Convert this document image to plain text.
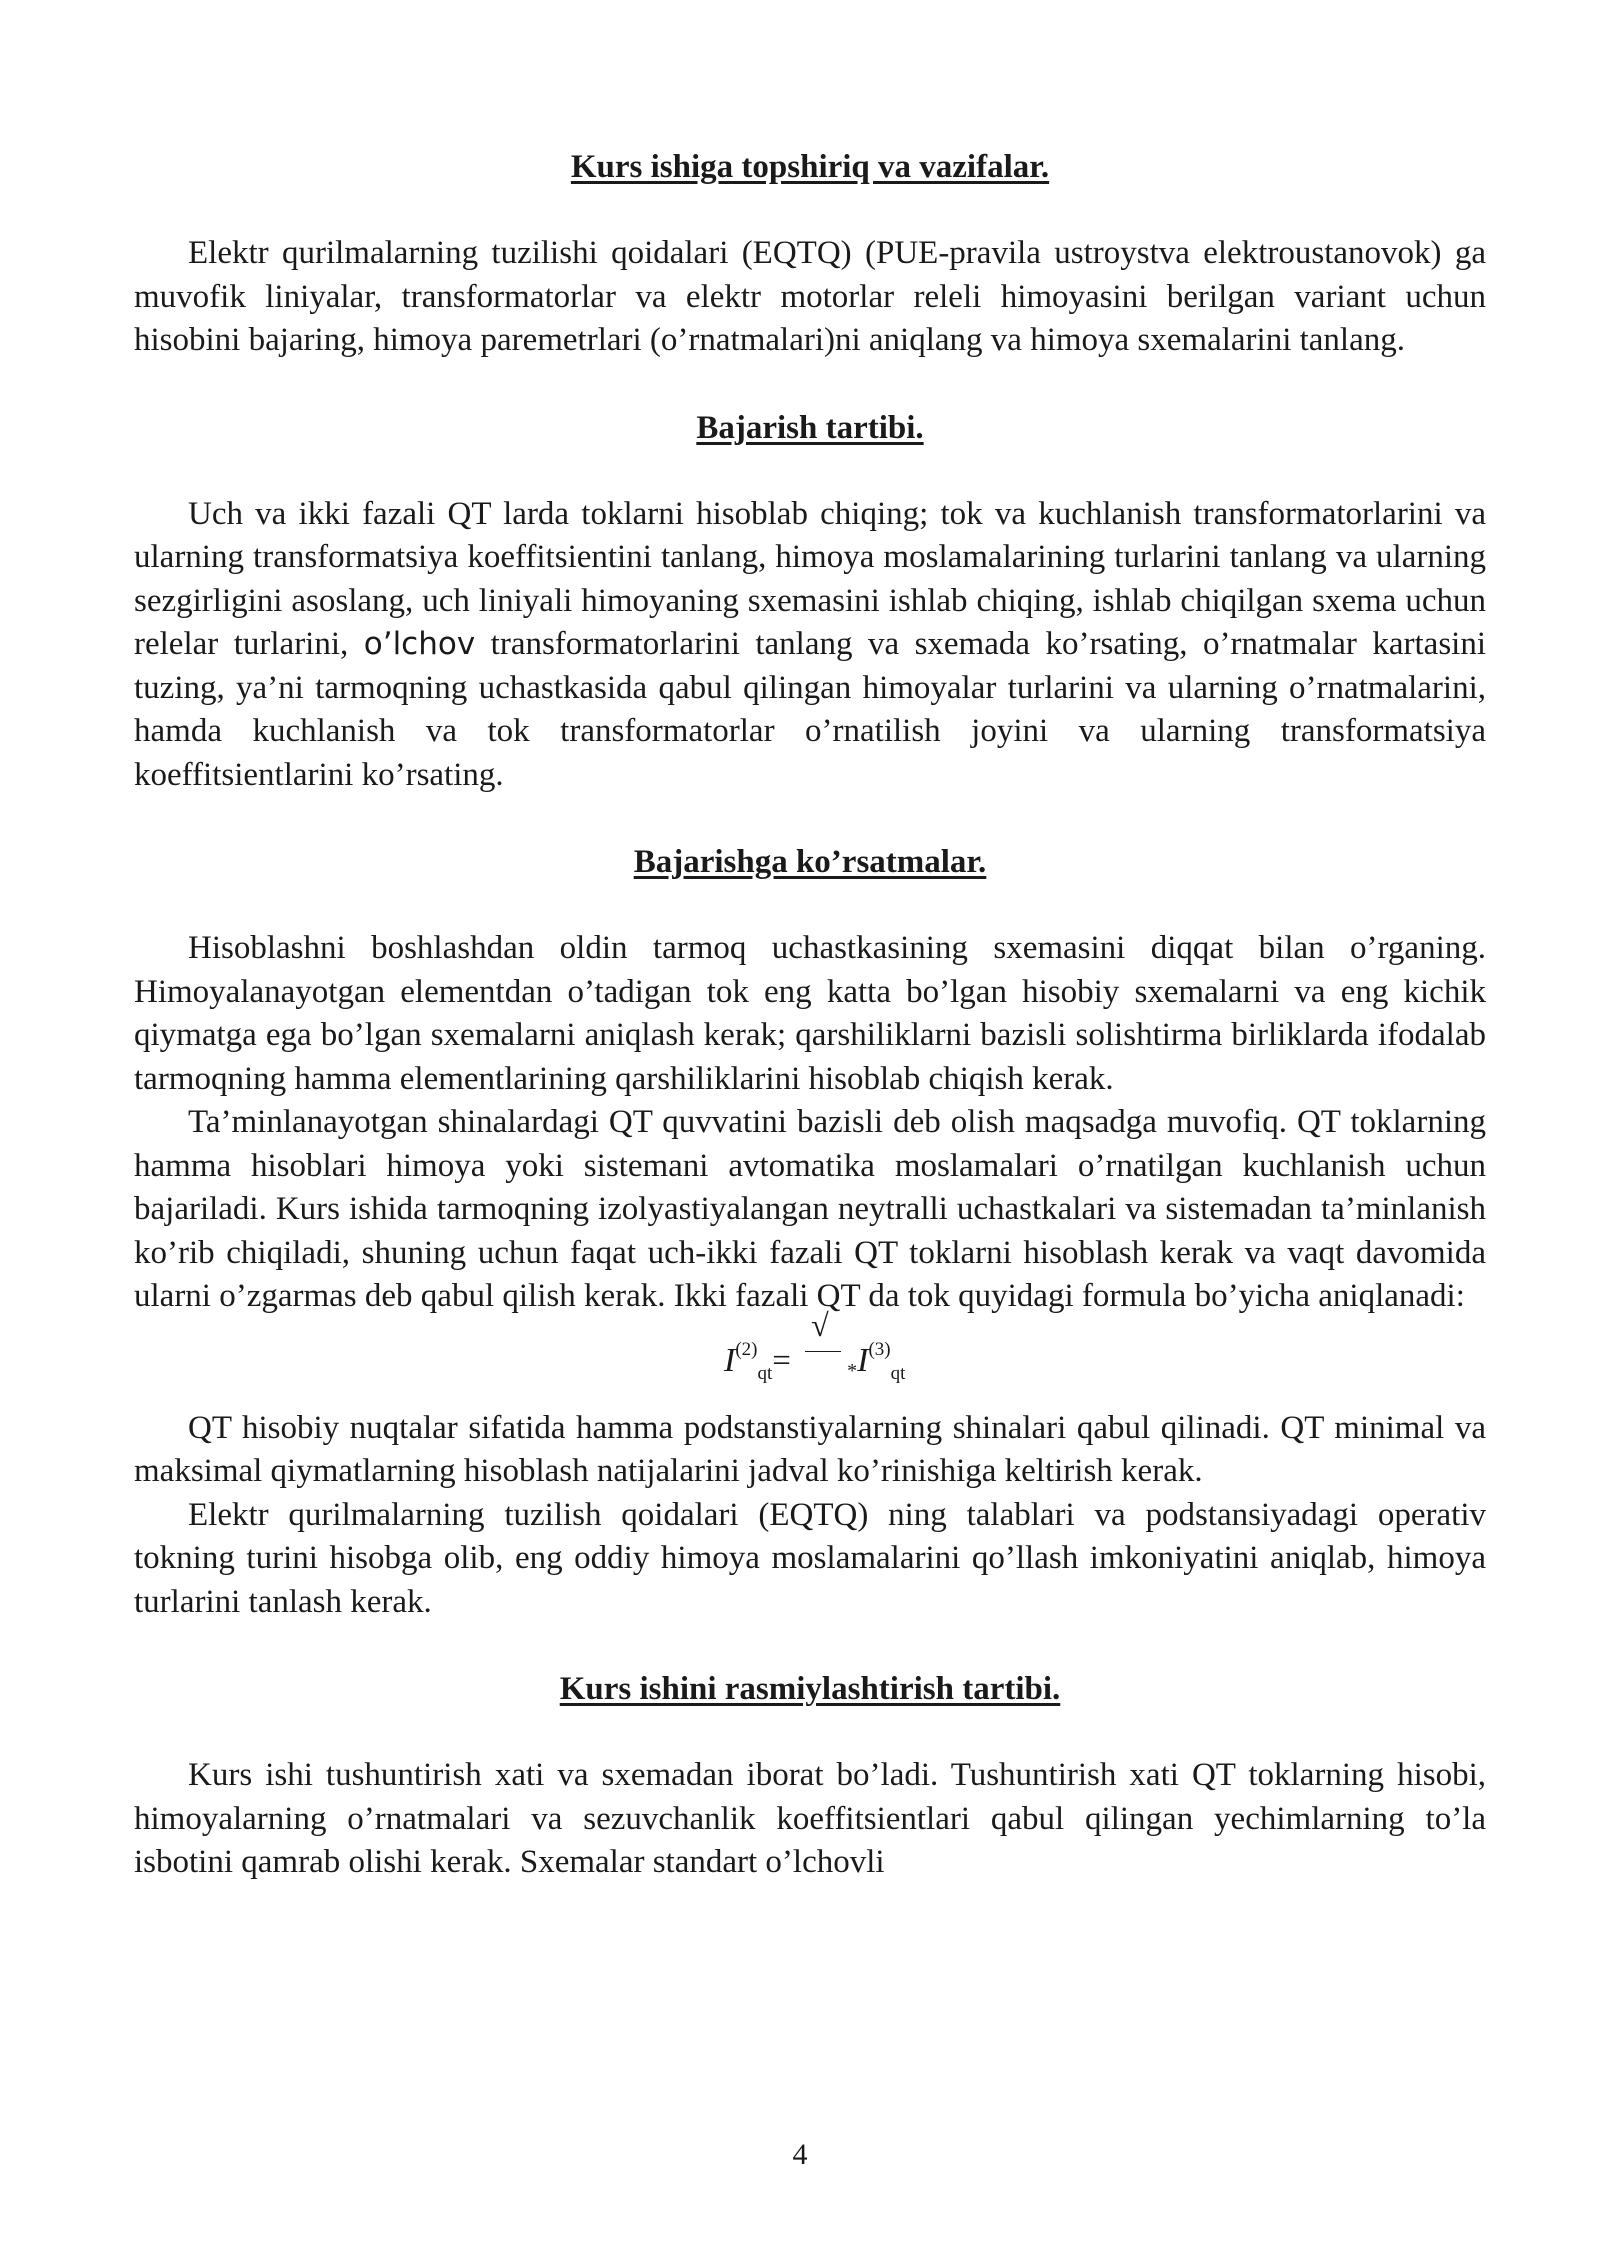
Kurs ishiga topshiriq va vazifalar.

Elektr qurilmalarning tuzilishi qoidalari (EQTQ) (PUE-pravila ustroystva elektroustanovok) ga muvofik liniyalar, transformatorlar va elektr motorlar releli himoyasini berilgan variant uchun hisobini bajaring, himoya paremetrlari (o’rnatmalari)ni aniqlang va himoya sxemalarini tanlang.

Bajarish tartibi.

Uch va ikki fazali QT larda toklarni hisoblab chiqing; tok va kuchlanish transformatorlarini va ularning transformatsiya koeffitsientini tanlang, himoya moslamalarining turlarini tanlang va ularning sezgirligini asoslang, uch liniyali himoyaning sxemasini ishlab chiqing, ishlab chiqilgan sxema uchun relelar turlarini, o’lchov transformatorlarini tanlang va sxemada ko’rsating, o’rnatmalar kartasini tuzing, ya’ni tarmoqning uchastkasida qabul qilingan himoyalar turlarini va ularning o’rnatmalarini, hamda kuchlanish va tok transformatorlar o’rnatilish joyini va ularning transformatsiya koeffitsientlarini ko’rsating.

Bajarishga ko’rsatmalar.

Hisoblashni boshlashdan oldin tarmoq uchastkasining sxemasini diqqat bilan o’rganing. Himoyalanayotgan elementdan o’tadigan tok eng katta bo’lgan hisobiy sxemalarni va eng kichik qiymatga ega bo’lgan sxemalarni aniqlash kerak; qarshiliklarni bazisli solishtirma birliklarda ifodalab tarmoqning hamma elementlarining qarshiliklarini hisoblab chiqish kerak.

Ta’minlanayotgan shinalardagi QT quvvatini bazisli deb olish maqsadga muvofiq. QT toklarning hamma hisoblari himoya yoki sistemani avtomatika moslamalari o’rnatilgan kuchlanish uchun bajariladi. Kurs ishida tarmoqning izolyastiyalangan neytralli uchastkalari va sistemadan ta’minlanish ko’rib chiqiladi, shuning uchun faqat uch-ikki fazali QT toklarni hisoblash kerak va vaqt davomida ularni o’zgarmas deb qabul qilish kerak. Ikki fazali QT da tok quyidagi formula bo’yicha aniqlanadi:

$I^{(2)}_{qt}=$
√
$*I^{(3)}_{qt}$

QT hisobiy nuqtalar sifatida hamma podstanstiyalarning shinalari qabul qilinadi. QT minimal va maksimal qiymatlarning hisoblash natijalarini jadval ko’rinishiga keltirish kerak.

Elektr qurilmalarning tuzilish qoidalari (EQTQ) ning talablari va podstansiyadagi operativ tokning turini hisobga olib, eng oddiy himoya moslamalarini qo’llash imkoniyatini aniqlab, himoya turlarini tanlash kerak.

Kurs ishini rasmiylashtirish tartibi.

Kurs ishi tushuntirish xati va sxemadan iborat bo’ladi. Tushuntirish xati QT toklarning hisobi, himoyalarning o’rnatmalari va sezuvchanlik koeffitsientlari qabul qilingan yechimlarning to’la isbotini qamrab olishi kerak. Sxemalar standart o’lchovli

4
